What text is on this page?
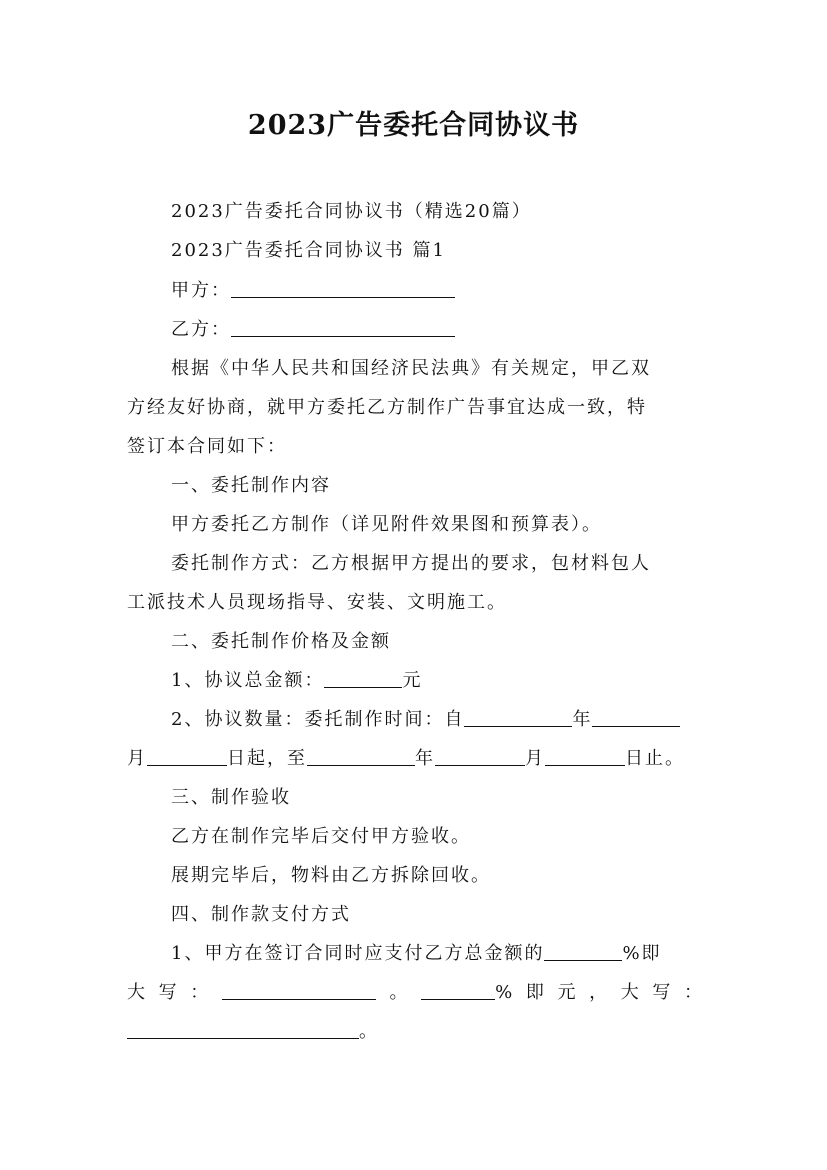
2023广告委托合同协议书
2023广告委托合同协议书（精选20篇）
2023广告委托合同协议书 篇1
甲方：
乙方：
根据《中华人民共和国经济民法典》有关规定，甲乙双
方经友好协商，就甲方委托乙方制作广告事宜达成一致，特
签订本合同如下：
一、委托制作内容
甲方委托乙方制作（详见附件效果图和预算表）。
委托制作方式：乙方根据甲方提出的要求，包材料包人
工派技术人员现场指导、安装、文明施工。
二、委托制作价格及金额
1、协议总金额：	元
2、协议数量：委托制作时间：自	年
月	日起，至	年	月	日止。
三、制作验收
乙方在制作完毕后交付甲方验收。
展期完毕后，物料由乙方拆除回收。
四、制作款支付方式
1、甲方在签订合同时应支付乙方总金额的	%即
大 写 ：	。	% 即 元 ， 大 写 ：
。
